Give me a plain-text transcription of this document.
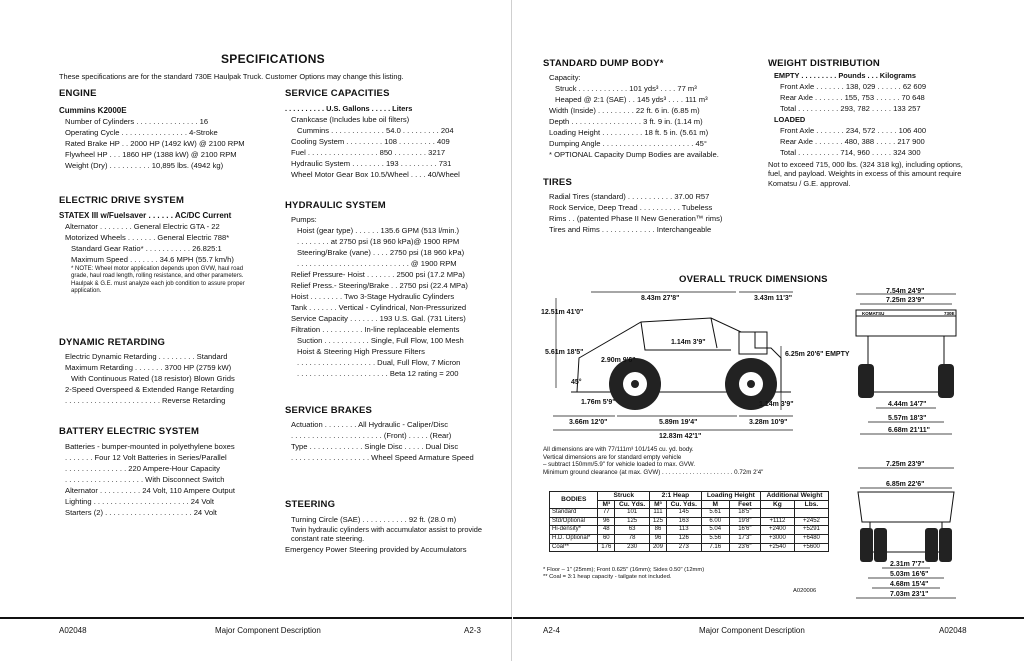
SPECIFICATIONS
These specifications are for the standard 730E Haulpak Truck. Customer Options may change this listing.
ENGINE
Cummins K2000E
Number of Cylinders . . . . . . . . . . . . . . . 16
Operating Cycle . . . . . . . . . . . . . . . . 4-Stroke
Rated Brake HP . . 2000 HP (1492 kW) @ 2100 RPM
Flywheel HP . . . 1860 HP (1388 kW) @ 2100 RPM
Weight (Dry) . . . . . . . . . . 10,895 lbs. (4942 kg)
ELECTRIC DRIVE SYSTEM
STATEX III w/Fuelsaver . . . . . . AC/DC Current
Alternator . . . . . . . . General Electric GTA - 22
Motorized Wheels . . . . . . . General Electric 788*
Standard Gear Ratio* . . . . . . . . . . . 26.825:1
Maximum Speed . . . . . . . 34.6 MPH (55.7 km/h)
* NOTE: Wheel motor application depends upon GVW, haul road grade, haul road length, rolling resistance, and other parameters.
Haulpak & G.E. must analyze each job condition to assure proper application.
DYNAMIC RETARDING
Electric Dynamic Retarding . . . . . . . . . Standard
Maximum Retarding . . . . . . . 3700 HP (2759 kW)
With Continuous Rated (18 resistor) Blown Grids
2-Speed Overspeed & Extended Range Retarding
. . . . . . . . . . . . . . . . . . . . . . . Reverse Retarding
BATTERY ELECTRIC SYSTEM
Batteries - bumper-mounted in polyethylene boxes
. . . . . . . Four 12 Volt Batteries in Series/Parallel
. . . . . . . . . . . . . . . 220 Ampere-Hour Capacity
. . . . . . . . . . . . . . . . . . . With Disconnect Switch
Alternator . . . . . . . . . . 24 Volt, 110 Ampere Output
Lighting . . . . . . . . . . . . . . . . . . . . . . . 24 Volt
Starters (2) . . . . . . . . . . . . . . . . . . . . . 24 Volt
SERVICE CAPACITIES
. . . . . . . . . . U.S. Gallons . . . . . Liters
Crankcase (Includes lube oil filters)
Cummins . . . . . . . . . . . . . 54.0 . . . . . . . . . 204
Cooling System . . . . . . . . . 108 . . . . . . . . . 409
Fuel . . . . . . . . . . . . . . . . . 850 . . . . . . . . 3217
Hydraulic System . . . . . . . . 193 . . . . . . . . . 731
Wheel Motor Gear Box 10.5/Wheel . . . . 40/Wheel
HYDRAULIC SYSTEM
Pumps:
Hoist (gear type) . . . . . . 135.6 GPM (513 l/min.)
. . . . . . . . at 2750 psi (18 960 kPa)@ 1900 RPM
Steering/Brake (vane) . . . . 2750 psi (18 960 kPa)
. . . . . . . . . . . . . . . . . . . . . . . . . . . @ 1900 RPM
Relief Pressure- Hoist . . . . . . . 2500 psi (17.2 MPa)
Relief Press.- Steering/Brake . . 2750 psi (22.4 MPa)
Hoist . . . . . . . . Two 3-Stage Hydraulic Cylinders
Tank . . . . . . . Vertical - Cylindrical, Non-Pressurized
Service Capacity . . . . . . . 193 U.S. Gal. (731 Liters)
Filtration . . . . . . . . . . In-line replaceable elements
Suction . . . . . . . . . . . Single, Full Flow, 100 Mesh
Hoist & Steering High Pressure Filters
. . . . . . . . . . . . . . . . . . . Dual, Full Flow, 7 Micron
. . . . . . . . . . . . . . . . . . . . . . Beta 12 rating = 200
SERVICE BRAKES
Actuation . . . . . . . . All Hydraulic - Caliper/Disc
. . . . . . . . . . . . . . . . . . . . . . (Front) . . . . . (Rear)
Type . . . . . . . . . . . . . Single Disc . . . . . Dual Disc
. . . . . . . . . . . . . . . . . . . Wheel Speed Armature Speed
STEERING
Turning Circle (SAE) . . . . . . . . . . . 92 ft. (28.0 m)
Twin hydraulic cylinders with accumulator assist to provide constant rate steering.
Emergency Power Steering provided by Accumulators
A02048	Major Component Description	A2-3
STANDARD DUMP BODY*
Capacity:
Struck . . . . . . . . . . . . 101 yds³ . . . . 77 m³
Heaped @ 2:1 (SAE) . . 145 yds³ . . . . 111 m³
Width (Inside) . . . . . . . . . 22 ft. 6 in. (6.85 m)
Depth . . . . . . . . . . . . . . . . . 3 ft. 9 in. (1.14 m)
Loading Height . . . . . . . . . . 18 ft. 5 in. (5.61 m)
Dumping Angle . . . . . . . . . . . . . . . . . . . . . . 45°
* OPTIONAL Capacity Dump Bodies are available.
TIRES
Radial Tires (standard) . . . . . . . . . . . 37.00 R57
Rock Service, Deep Tread . . . . . . . . . . Tubeless
Rims . . (patented Phase II New Generation™ rims)
Tires and Rims . . . . . . . . . . . . . Interchangeable
WEIGHT DISTRIBUTION
EMPTY . . . . . . . . . Pounds . . . Kilograms
Front Axle . . . . . . . 138, 029 . . . . . . 62 609
Rear Axle . . . . . . . 155, 753 . . . . . . 70 648
Total . . . . . . . . . . 293, 782 . . . . . 133 257
LOADED
Front Axle . . . . . . . 234, 572 . . . . . 106 400
Rear Axle . . . . . . . 480, 388 . . . . . 217 900
Total . . . . . . . . . . 714, 960 . . . . . 324 300
Not to exceed 715, 000 lbs. (324 318 kg), including options, fuel, and payload. Weights in excess of this amount require Komatsu / G.E. approval.
OVERALL TRUCK DIMENSIONS
8.43m 27'8"	3.43m 11'3"
12.51m 41'0"
5.61m 18'5"
1.14m 3'9"
2.90m 9'6"
6.25m 20'6" EMPTY
1.76m 5'9"
45°
1.14m 3'9"
3.66m 12'0"	5.89m 19'4"	3.28m 10'9"
12.83m 42'1"
KOMATSU	730E
7.54m 24'9"
7.25m 23'9"
4.44m 14'7"
5.57m 18'3"
6.68m 21'11"
7.25m 23'9"
6.85m 22'6"
2.31m 7'7"
5.03m 16'6"
4.68m 15'4"
7.03m 23'1"
All dimensions are with 77/111m³ 101/145 cu. yd. body.
Vertical dimensions are for standard empty vehicle
– subtract 150mm/5.9" for vehicle loaded to max. GVW.
Minimum ground clearance (at max. GVW) . . . . . . . . . . . . . . . . . . . . . 0.72m 2'4"
BODIES	Struck		2:1 Heap		Loading Height		Additional Weight	
	M³	Cu. Yds.	M³	Cu. Yds.	M	Feet	Kg	Lbs.
Standard	77	101	111	145	5.61	18'5"		
Std/Optional	96	125	125	163	6.00	19'8"	+1112	+2452
Hi-density*	48	63	86	113	5.04	16'6"	+2400	+5291
H.D. Optional*	60	78	96	126	5.56	17'3"	+3000	+6480
Coal**	176	230	209	273	7.16	23'6"	+2540	+5600
* Floor – 1" (25mm); Front 0.625" (16mm); Sides 0.50" (12mm)
** Coal = 3:1 heap capacity - tailgate not included.
A020006
A2-4	Major Component Description	A02048
